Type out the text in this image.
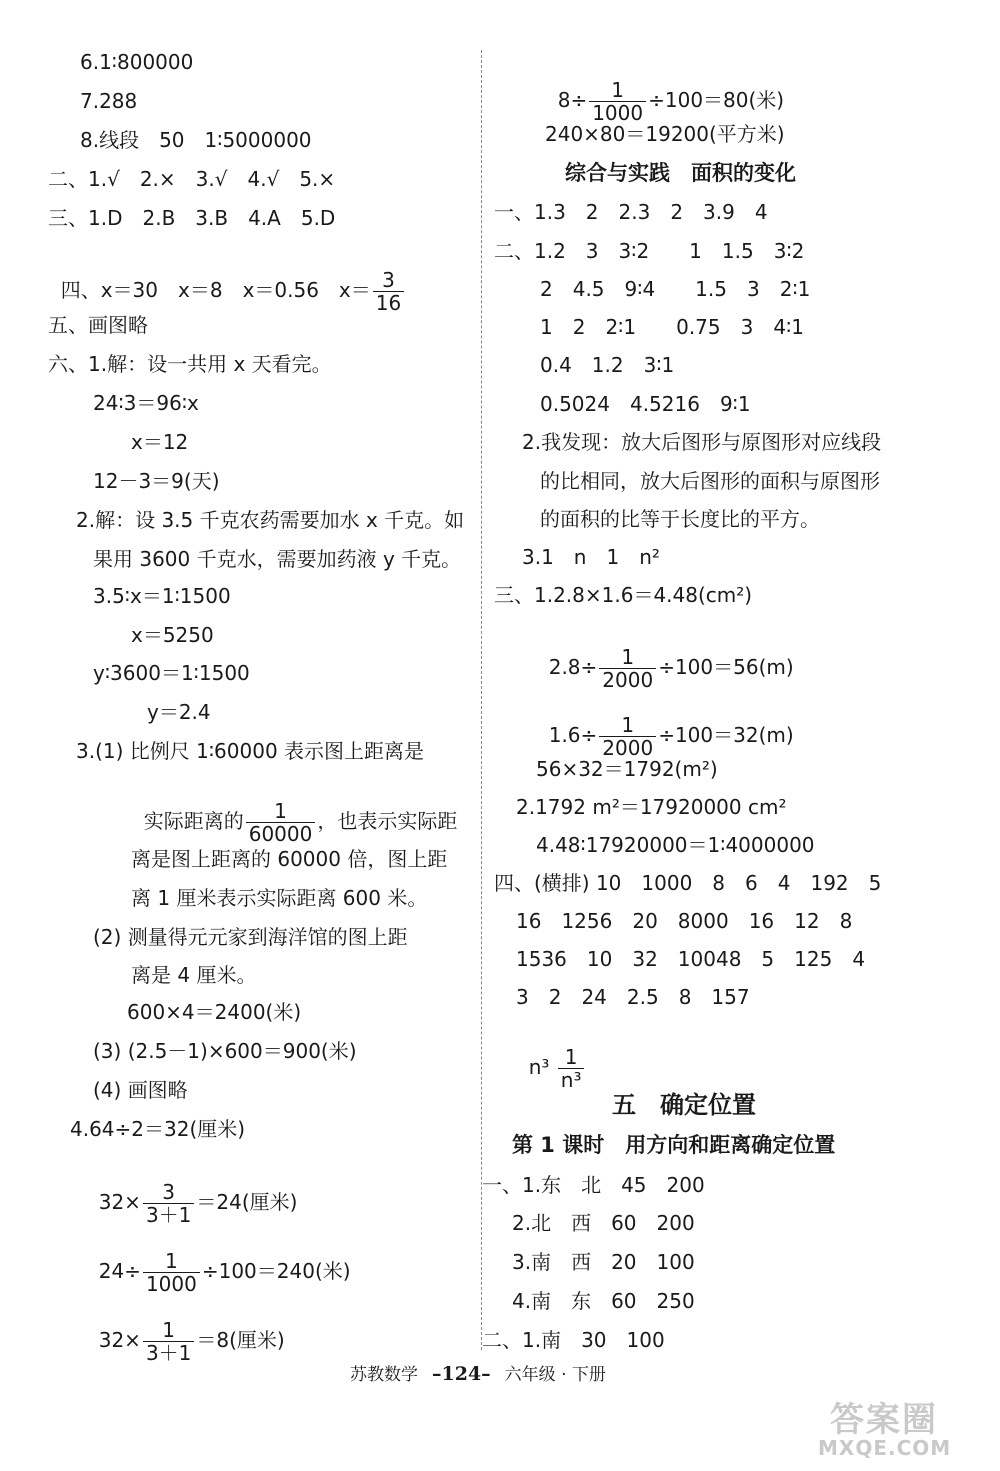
6.1∶800000
7.288
8.线段　50　1∶5000000
二、1.√　2.×　3.√　4.√　5.×
三、1.D　2.B　3.B　4.A　5.D

四、x＝30　x＝8　x＝0.56　$x= \frac{3}{16}$

五、画图略
六、1.解：设一共用 x 天看完。
24∶3＝96∶x
x＝12
12－3＝9(天)
2.解：设 3.5 千克农药需要加水 x 千克。如
果用 3600 千克水，需要加药液 y 千克。
3.5∶x＝1∶1500
x＝5250
y∶3600＝1∶1500
y＝2.4
3.(1) 比例尺 1∶60000 表示图上距离是

实际距离的 $\frac{1}{60000}$ ，也表示实际距

离是图上距离的 60000 倍，图上距
离 1 厘米表示实际距离 600 米。
(2) 测量得元元家到海洋馆的图上距
离是 4 厘米。
600×4＝2400(米)
(3) (2.5－1)×600＝900(米)
(4) 画图略
4.64÷2＝32(厘米)

$32\times \frac{3}{3+1} =24$(厘米)

$24\div \frac{1}{1000} \div 100=240$(米)

$32\times \frac{1}{3+1} =8$(厘米)

$8\div \frac{1}{1000} \div 100=80$(米)

240×80＝19200(平方米)
综合与实践　面积的变化
一、1.3　2　2.3　2　3.9　4
二、1.2　3　3∶2　　1　1.5　3∶2
2　4.5　9∶4　　1.5　3　2∶1
1　2　2∶1　　0.75　3　4∶1
0.4　1.2　3∶1
0.5024　4.5216　9∶1
2.我发现：放大后图形与原图形对应线段
的比相同，放大后图形的面积与原图形
的面积的比等于长度比的平方。
3.1　n　1　n²
三、1.2.8×1.6＝4.48(cm²)

$2.8\div \frac{1}{2000} \div 100=56(m)$

$1.6\div \frac{1}{2000} \div 100=32(m)$

56×32＝1792(m²)
2.1792 m²＝17920000 cm²
4.48∶17920000＝1∶4000000
四、(横排) 10　1000　8　6　4　192　5
16　1256　20　8000　16　12　8
1536　10　32　10048　5　125　4
3　2　24　2.5　8　157

$n^3 \frac{1}{\text{n³}}$

五　确定位置
第 1 课时　用方向和距离确定位置
一、1.东　北　45　200
2.北　西　60　200
3.南　西　20　100
4.南　东　60　250
二、1.南　30　100
苏教数学 –124– 六年级 · 下册
答案圈
MXQE.COM
